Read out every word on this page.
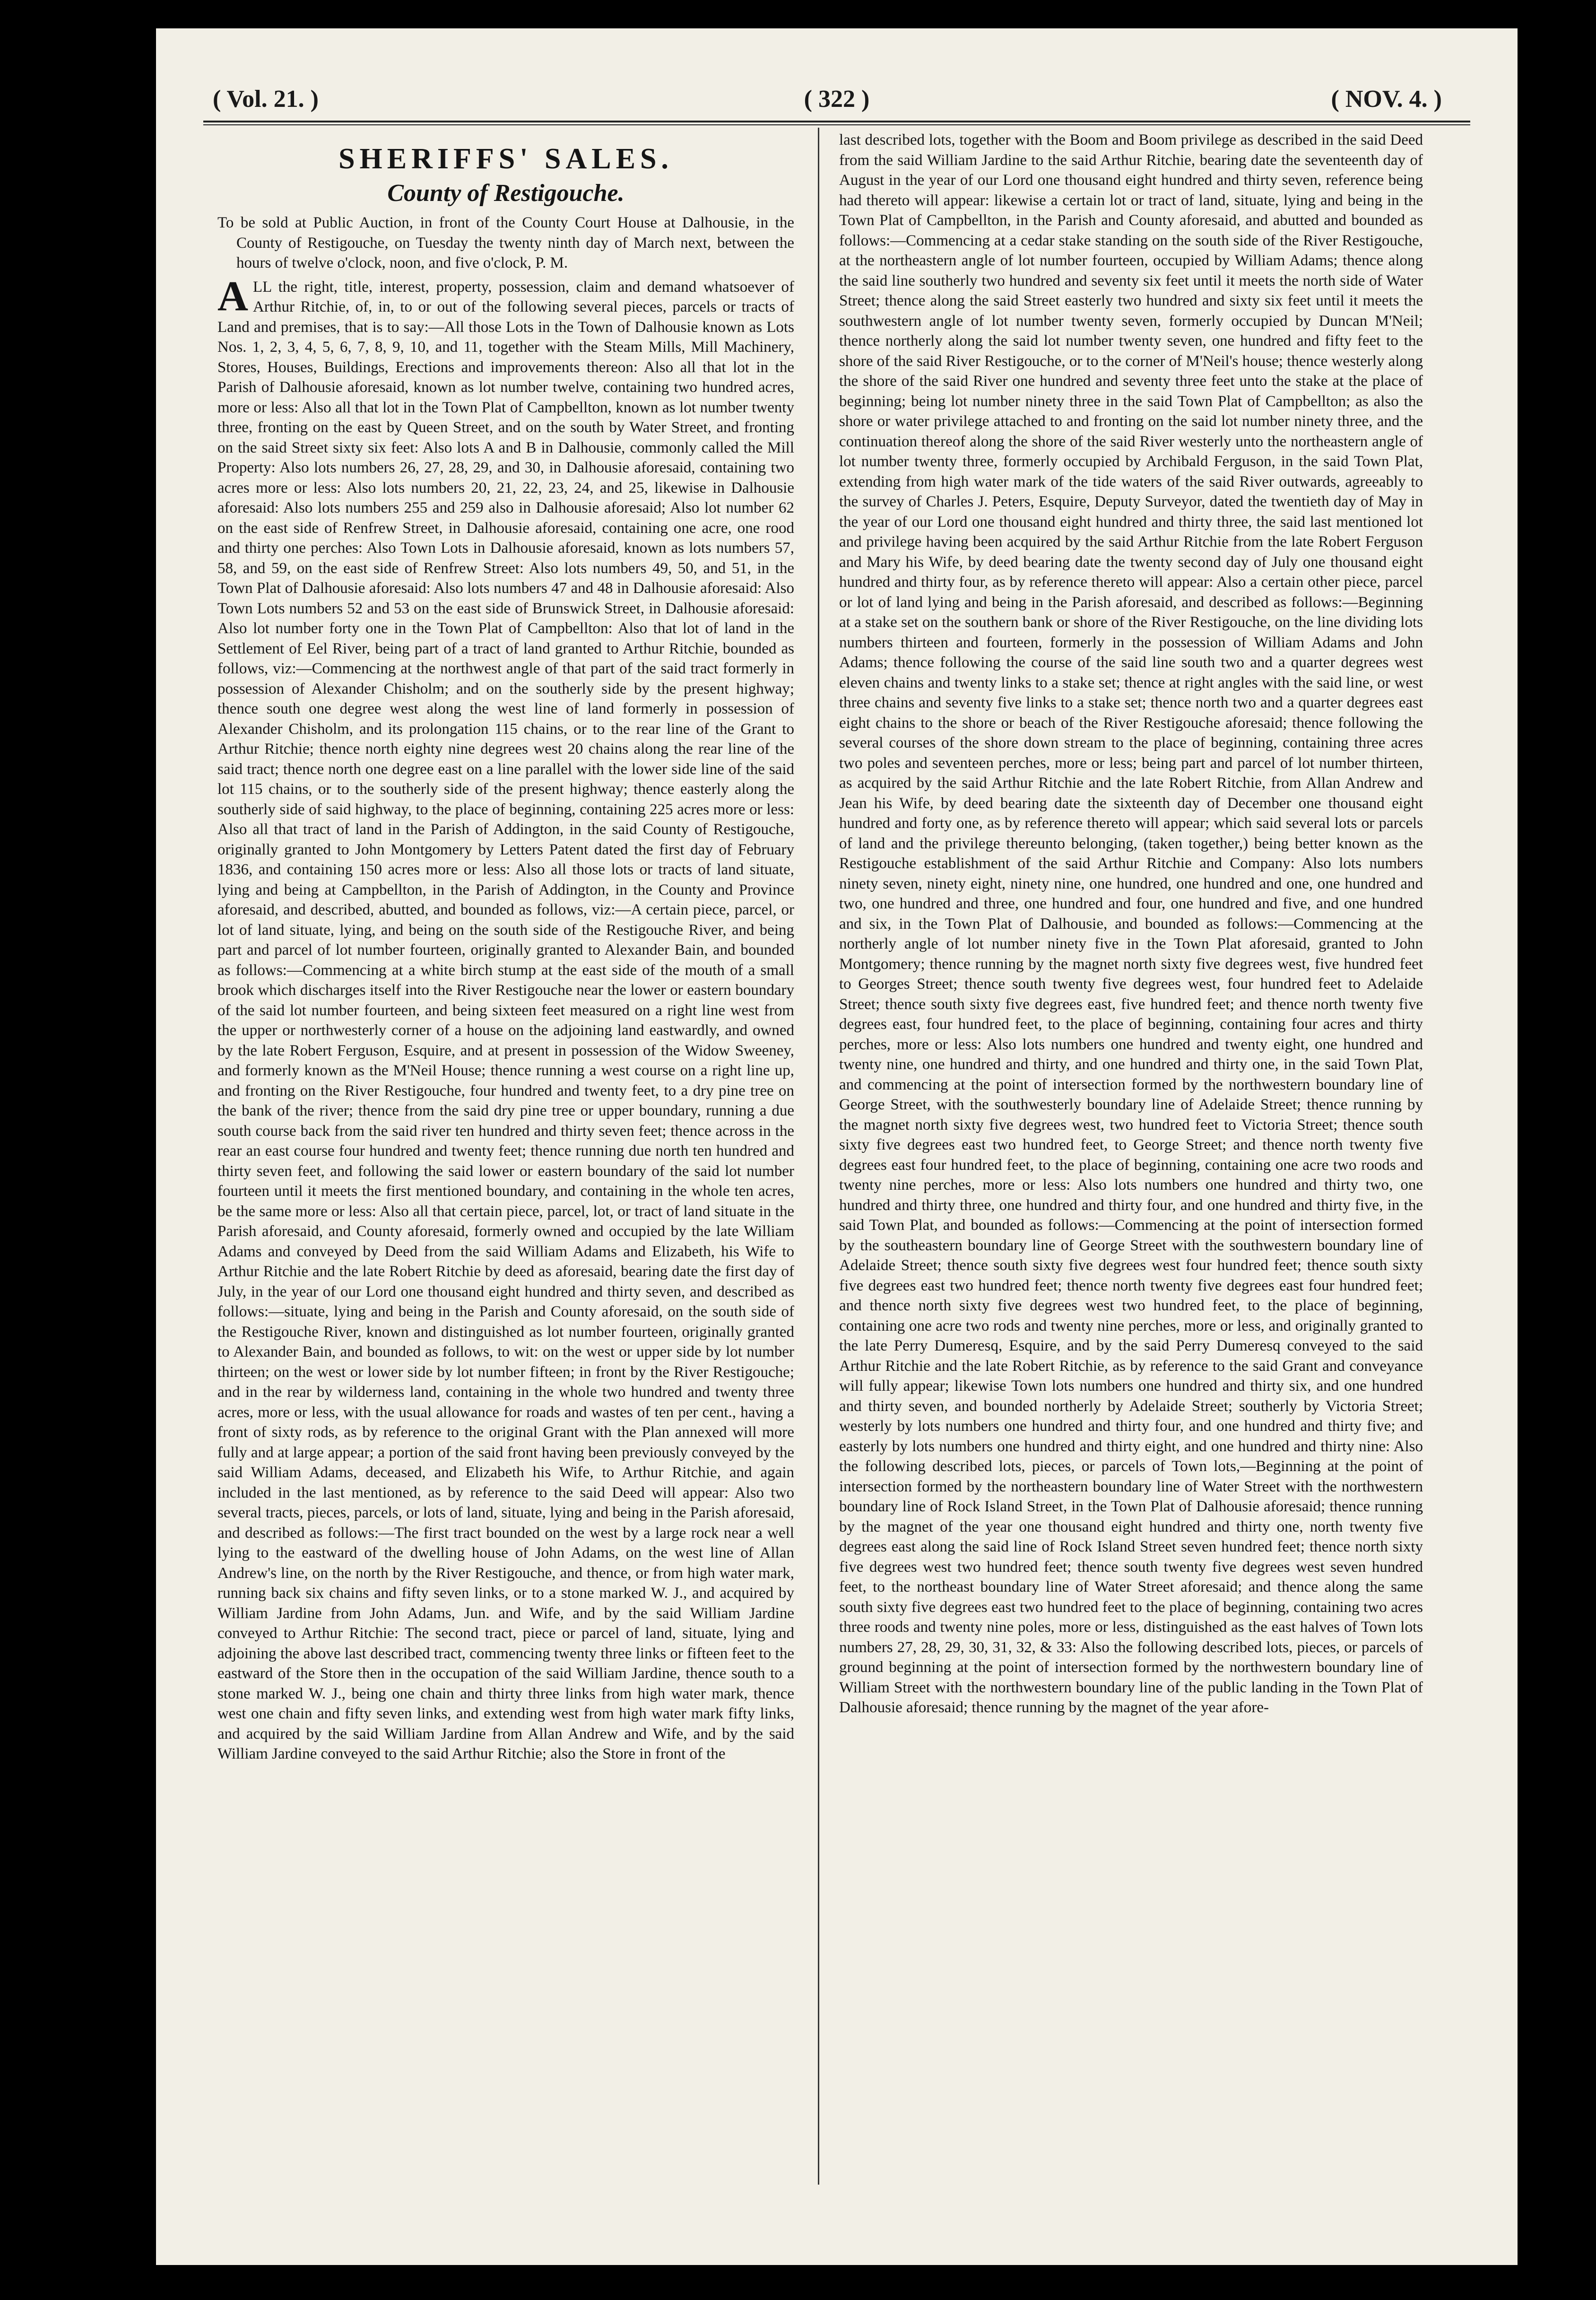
( Vol. 21. )	( 322 )	( NOV. 4. )
SHERIFFS' SALES.
County of Restigouche.

To be sold at Public Auction, in front of the County Court House at Dalhousie, in the County of Restigouche, on Tuesday the twenty ninth day of March next, between the hours of twelve o'clock, noon, and five o'clock, P. M.

ALL the right, title, interest, property, possession, claim and demand whatsoever of Arthur Ritchie, of, in, to or out of the following several pieces, parcels or tracts of Land and premises, that is to say:—All those Lots in the Town of Dalhousie known as Lots Nos. 1, 2, 3, 4, 5, 6, 7, 8, 9, 10, and 11, together with the Steam Mills, Mill Machinery, Stores, Houses, Buildings, Erections and improvements thereon: Also all that lot in the Parish of Dalhousie aforesaid, known as lot number twelve, containing two hundred acres, more or less: Also all that lot in the Town Plat of Campbellton, known as lot number twenty three, fronting on the east by Queen Street, and on the south by Water Street, and fronting on the said Street sixty six feet: Also lots A and B in Dalhousie, commonly called the Mill Property: Also lots numbers 26, 27, 28, 29, and 30, in Dalhousie aforesaid, containing two acres more or less: Also lots numbers 20, 21, 22, 23, 24, and 25, likewise in Dalhousie aforesaid: Also lots numbers 255 and 259 also in Dalhousie aforesaid; Also lot number 62 on the east side of Renfrew Street, in Dalhousie aforesaid, containing one acre, one rood and thirty one perches: Also Town Lots in Dalhousie aforesaid, known as lots numbers 57, 58, and 59, on the east side of Renfrew Street: Also lots numbers 49, 50, and 51, in the Town Plat of Dalhousie aforesaid: Also lots numbers 47 and 48 in Dalhousie aforesaid: Also Town Lots numbers 52 and 53 on the east side of Brunswick Street, in Dalhousie aforesaid: Also lot number forty one in the Town Plat of Campbellton: Also that lot of land in the Settlement of Eel River, being part of a tract of land granted to Arthur Ritchie, bounded as follows, viz:—Commencing at the northwest angle of that part of the said tract formerly in possession of Alexander Chisholm; and on the southerly side by the present highway; thence south one degree west along the west line of land formerly in possession of Alexander Chisholm, and its prolongation 115 chains, or to the rear line of the Grant to Arthur Ritchie; thence north eighty nine degrees west 20 chains along the rear line of the said tract; thence north one degree east on a line parallel with the lower side line of the said lot 115 chains, or to the southerly side of the present highway; thence easterly along the southerly side of said highway, to the place of beginning, containing 225 acres more or less: Also all that tract of land in the Parish of Addington, in the said County of Restigouche, originally granted to John Montgomery by Letters Patent dated the first day of February 1836, and containing 150 acres more or less: Also all those lots or tracts of land situate, lying and being at Campbellton, in the Parish of Addington, in the County and Province aforesaid, and described, abutted, and bounded as follows, viz:—A certain piece, parcel, or lot of land situate, lying, and being on the south side of the Restigouche River, and being part and parcel of lot number fourteen, originally granted to Alexander Bain, and bounded as follows:—Commencing at a white birch stump at the east side of the mouth of a small brook which discharges itself into the River Restigouche near the lower or eastern boundary of the said lot number fourteen, and being sixteen feet measured on a right line west from the upper or northwesterly corner of a house on the adjoining land eastwardly, and owned by the late Robert Ferguson, Esquire, and at present in possession of the Widow Sweeney, and formerly known as the M'Neil House; thence running a west course on a right line up, and fronting on the River Restigouche, four hundred and twenty feet, to a dry pine tree on the bank of the river; thence from the said dry pine tree or upper boundary, running a due south course back from the said river ten hundred and thirty seven feet; thence across in the rear an east course four hundred and twenty feet; thence running due north ten hundred and thirty seven feet, and following the said lower or eastern boundary of the said lot number fourteen until it meets the first mentioned boundary, and containing in the whole ten acres, be the same more or less: Also all that certain piece, parcel, lot, or tract of land situate in the Parish aforesaid, and County aforesaid, formerly owned and occupied by the late William Adams and conveyed by Deed from the said William Adams and Elizabeth, his Wife to Arthur Ritchie and the late Robert Ritchie by deed as aforesaid, bearing date the first day of July, in the year of our Lord one thousand eight hundred and thirty seven, and described as follows:—situate, lying and being in the Parish and County aforesaid, on the south side of the Restigouche River, known and distinguished as lot number fourteen, originally granted to Alexander Bain, and bounded as follows, to wit: on the west or upper side by lot number thirteen; on the west or lower side by lot number fifteen; in front by the River Restigouche; and in the rear by wilderness land, containing in the whole two hundred and twenty three acres, more or less, with the usual allowance for roads and wastes of ten per cent., having a front of sixty rods, as by reference to the original Grant with the Plan annexed will more fully and at large appear; a portion of the said front having been previously conveyed by the said William Adams, deceased, and Elizabeth his Wife, to Arthur Ritchie, and again included in the last mentioned, as by reference to the said Deed will appear: Also two several tracts, pieces, parcels, or lots of land, situate, lying and being in the Parish aforesaid, and described as follows:—The first tract bounded on the west by a large rock near a well lying to the eastward of the dwelling house of John Adams, on the west line of Allan Andrew's line, on the north by the River Restigouche, and thence, or from high water mark, running back six chains and fifty seven links, or to a stone marked W. J., and acquired by William Jardine from John Adams, Jun. and Wife, and by the said William Jardine conveyed to Arthur Ritchie: The second tract, piece or parcel of land, situate, lying and adjoining the above last described tract, commencing twenty three links or fifteen feet to the eastward of the Store then in the occupation of the said William Jardine, thence south to a stone marked W. J., being one chain and thirty three links from high water mark, thence west one chain and fifty seven links, and extending west from high water mark fifty links, and acquired by the said William Jardine from Allan Andrew and Wife, and by the said William Jardine conveyed to the said Arthur Ritchie; also the Store in front of the

last described lots, together with the Boom and Boom privilege as described in the said Deed from the said William Jardine to the said Arthur Ritchie, bearing date the seventeenth day of August in the year of our Lord one thousand eight hundred and thirty seven, reference being had thereto will appear: likewise a certain lot or tract of land, situate, lying and being in the Town Plat of Campbellton, in the Parish and County aforesaid, and abutted and bounded as follows:—Commencing at a cedar stake standing on the south side of the River Restigouche, at the northeastern angle of lot number fourteen, occupied by William Adams; thence along the said line southerly two hundred and seventy six feet until it meets the north side of Water Street; thence along the said Street easterly two hundred and sixty six feet until it meets the southwestern angle of lot number twenty seven, formerly occupied by Duncan M'Neil; thence northerly along the said lot number twenty seven, one hundred and fifty feet to the shore of the said River Restigouche, or to the corner of M'Neil's house; thence westerly along the shore of the said River one hundred and seventy three feet unto the stake at the place of beginning; being lot number ninety three in the said Town Plat of Campbellton; as also the shore or water privilege attached to and fronting on the said lot number ninety three, and the continuation thereof along the shore of the said River westerly unto the northeastern angle of lot number twenty three, formerly occupied by Archibald Ferguson, in the said Town Plat, extending from high water mark of the tide waters of the said River outwards, agreeably to the survey of Charles J. Peters, Esquire, Deputy Surveyor, dated the twentieth day of May in the year of our Lord one thousand eight hundred and thirty three, the said last mentioned lot and privilege having been acquired by the said Arthur Ritchie from the late Robert Ferguson and Mary his Wife, by deed bearing date the twenty second day of July one thousand eight hundred and thirty four, as by reference thereto will appear: Also a certain other piece, parcel or lot of land lying and being in the Parish aforesaid, and described as follows:—Beginning at a stake set on the southern bank or shore of the River Restigouche, on the line dividing lots numbers thirteen and fourteen, formerly in the possession of William Adams and John Adams; thence following the course of the said line south two and a quarter degrees west eleven chains and twenty links to a stake set; thence at right angles with the said line, or west three chains and seventy five links to a stake set; thence north two and a quarter degrees east eight chains to the shore or beach of the River Restigouche aforesaid; thence following the several courses of the shore down stream to the place of beginning, containing three acres two poles and seventeen perches, more or less; being part and parcel of lot number thirteen, as acquired by the said Arthur Ritchie and the late Robert Ritchie, from Allan Andrew and Jean his Wife, by deed bearing date the sixteenth day of December one thousand eight hundred and forty one, as by reference thereto will appear; which said several lots or parcels of land and the privilege thereunto belonging, (taken together,) being better known as the Restigouche establishment of the said Arthur Ritchie and Company: Also lots numbers ninety seven, ninety eight, ninety nine, one hundred, one hundred and one, one hundred and two, one hundred and three, one hundred and four, one hundred and five, and one hundred and six, in the Town Plat of Dalhousie, and bounded as follows:—Commencing at the northerly angle of lot number ninety five in the Town Plat aforesaid, granted to John Montgomery; thence running by the magnet north sixty five degrees west, five hundred feet to Georges Street; thence south twenty five degrees west, four hundred feet to Adelaide Street; thence south sixty five degrees east, five hundred feet; and thence north twenty five degrees east, four hundred feet, to the place of beginning, containing four acres and thirty perches, more or less: Also lots numbers one hundred and twenty eight, one hundred and twenty nine, one hundred and thirty, and one hundred and thirty one, in the said Town Plat, and commencing at the point of intersection formed by the northwestern boundary line of George Street, with the southwesterly boundary line of Adelaide Street; thence running by the magnet north sixty five degrees west, two hundred feet to Victoria Street; thence south sixty five degrees east two hundred feet, to George Street; and thence north twenty five degrees east four hundred feet, to the place of beginning, containing one acre two roods and twenty nine perches, more or less: Also lots numbers one hundred and thirty two, one hundred and thirty three, one hundred and thirty four, and one hundred and thirty five, in the said Town Plat, and bounded as follows:—Commencing at the point of intersection formed by the southeastern boundary line of George Street with the southwestern boundary line of Adelaide Street; thence south sixty five degrees west four hundred feet; thence south sixty five degrees east two hundred feet; thence north twenty five degrees east four hundred feet; and thence north sixty five degrees west two hundred feet, to the place of beginning, containing one acre two rods and twenty nine perches, more or less, and originally granted to the late Perry Dumeresq, Esquire, and by the said Perry Dumeresq conveyed to the said Arthur Ritchie and the late Robert Ritchie, as by reference to the said Grant and conveyance will fully appear; likewise Town lots numbers one hundred and thirty six, and one hundred and thirty seven, and bounded northerly by Adelaide Street; southerly by Victoria Street; westerly by lots numbers one hundred and thirty four, and one hundred and thirty five; and easterly by lots numbers one hundred and thirty eight, and one hundred and thirty nine: Also the following described lots, pieces, or parcels of Town lots,—Beginning at the point of intersection formed by the northeastern boundary line of Water Street with the northwestern boundary line of Rock Island Street, in the Town Plat of Dalhousie aforesaid; thence running by the magnet of the year one thousand eight hundred and thirty one, north twenty five degrees east along the said line of Rock Island Street seven hundred feet; thence north sixty five degrees west two hundred feet; thence south twenty five degrees west seven hundred feet, to the northeast boundary line of Water Street aforesaid; and thence along the same south sixty five degrees east two hundred feet to the place of beginning, containing two acres three roods and twenty nine poles, more or less, distinguished as the east halves of Town lots numbers 27, 28, 29, 30, 31, 32, & 33: Also the following described lots, pieces, or parcels of ground beginning at the point of intersection formed by the northwestern boundary line of William Street with the northwestern boundary line of the public landing in the Town Plat of Dalhousie aforesaid; thence running by the magnet of the year afore-
